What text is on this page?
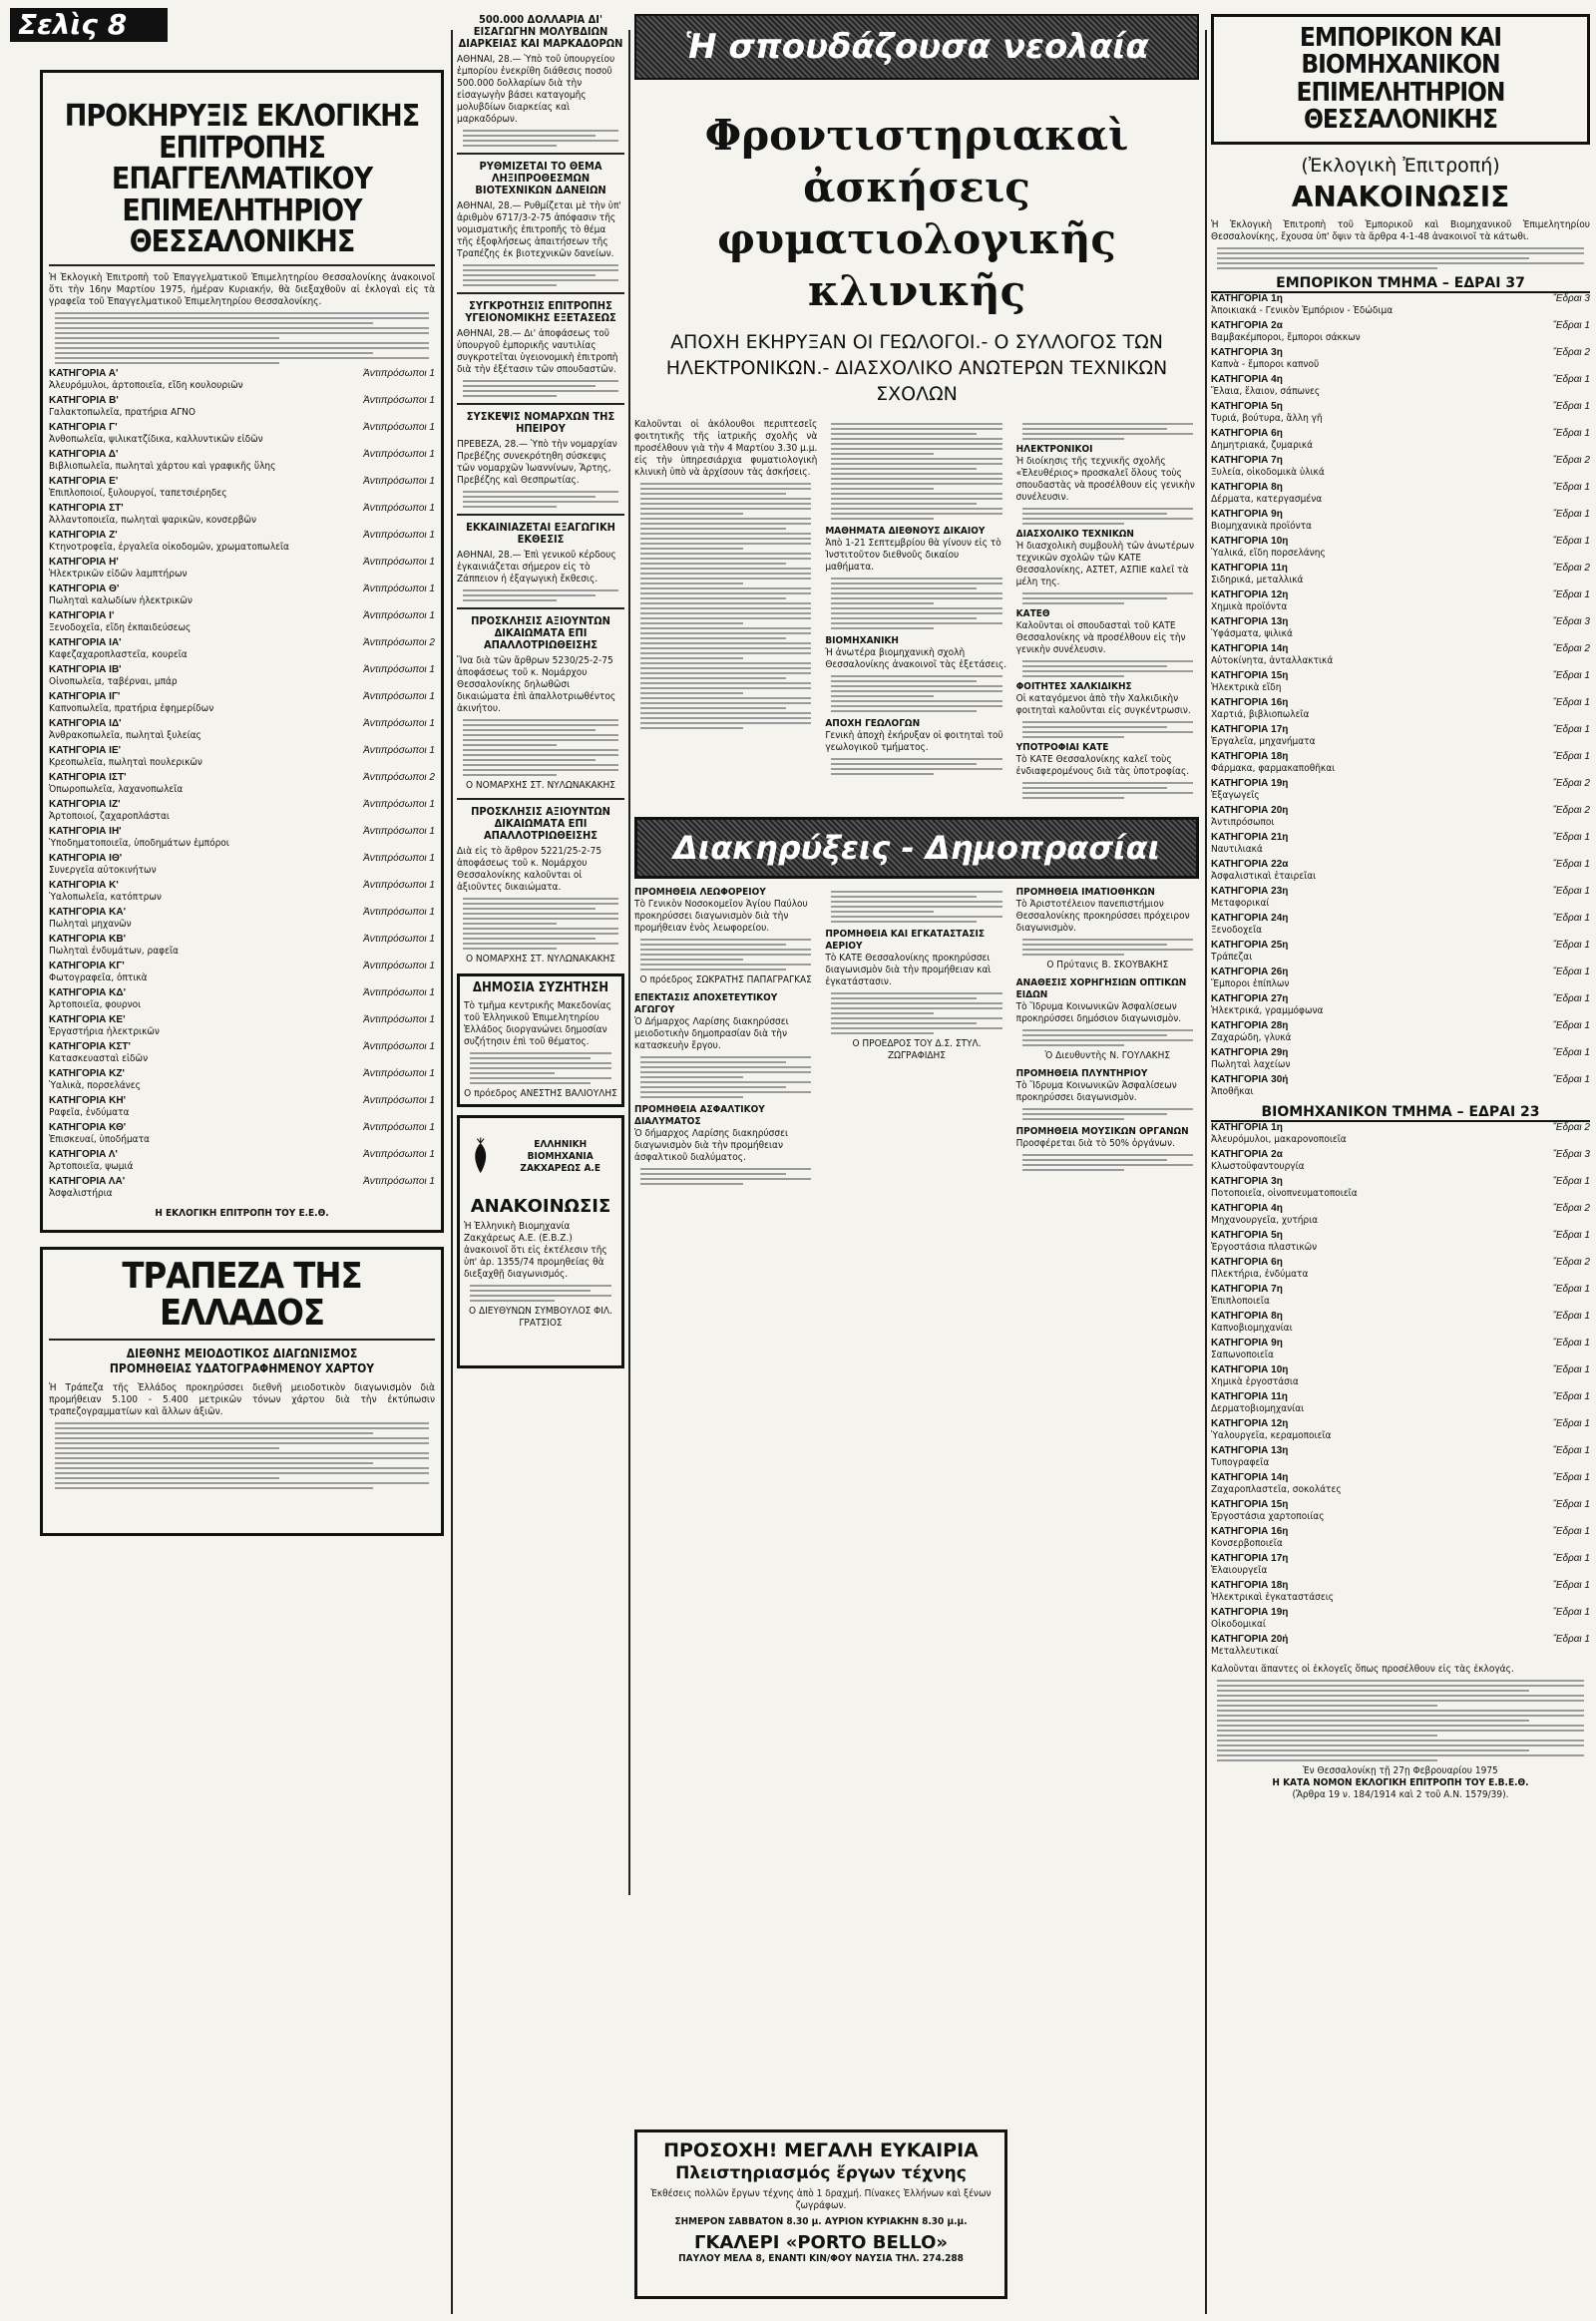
Σελὶς 8
ΠΡΟΚΗΡΥΞΙΣ ΕΚΛΟΓΙΚΗΣ ΕΠΙΤΡΟΠΗΣ ΕΠΑΓΓΕΛΜΑΤΙΚΟΥ ΕΠΙΜΕΛΗΤΗΡΙΟΥ ΘΕΣΣΑΛΟΝΙΚΗΣ

Ἡ Ἐκλογικὴ Ἐπιτροπὴ τοῦ Ἐπαγγελματικοῦ Ἐπιμελητηρίου Θεσσαλονίκης ἀνακοινοῖ ὅτι τὴν 16ην Μαρτίου 1975, ἡμέραν Κυριακήν, θὰ διεξαχθοῦν αἱ ἐκλογαὶ εἰς τὰ γραφεῖα τοῦ Ἐπαγγελματικοῦ Ἐπιμελητηρίου Θεσσαλονίκης.

ΚΑΤΗΓΟΡΙΑ Α'	Ἀντιπρόσωποι 1
Ἀλευρόμυλοι, ἀρτοποιεῖα, εἴδη κουλουριῶν
ΚΑΤΗΓΟΡΙΑ Β'	Ἀντιπρόσωποι 1
Γαλακτοπωλεῖα, πρατήρια ΑΓΝΟ
ΚΑΤΗΓΟΡΙΑ Γ'	Ἀντιπρόσωποι 1
Ἀνθοπωλεῖα, ψιλικατζίδικα, καλλυντικῶν εἰδῶν
ΚΑΤΗΓΟΡΙΑ Δ'	Ἀντιπρόσωποι 1
Βιβλιοπωλεῖα, πωληταὶ χάρτου καὶ γραφικῆς ὕλης
ΚΑΤΗΓΟΡΙΑ Ε'	Ἀντιπρόσωποι 1
Ἐπιπλοποιοί, ξυλουργοί, ταπετσιέρηδες
ΚΑΤΗΓΟΡΙΑ ΣΤ'	Ἀντιπρόσωποι 1
Ἀλλαντοποιεῖα, πωληταὶ ψαρικῶν, κονσερβῶν
ΚΑΤΗΓΟΡΙΑ Ζ'	Ἀντιπρόσωποι 1
Κτηνοτροφεῖα, ἐργαλεῖα οἰκοδομῶν, χρωματοπωλεῖα
ΚΑΤΗΓΟΡΙΑ Η'	Ἀντιπρόσωποι 1
Ἠλεκτρικῶν εἰδῶν λαμπτήρων
ΚΑΤΗΓΟΡΙΑ Θ'	Ἀντιπρόσωποι 1
Πωληταὶ καλωδίων ἠλεκτρικῶν
ΚΑΤΗΓΟΡΙΑ Ι'	Ἀντιπρόσωποι 1
Ξενοδοχεῖα, εἴδη ἐκπαιδεύσεως
ΚΑΤΗΓΟΡΙΑ ΙΑ'	Ἀντιπρόσωποι 2
Καφεζαχαροπλαστεῖα, κουρεῖα
ΚΑΤΗΓΟΡΙΑ ΙΒ'	Ἀντιπρόσωποι 1
Οἰνοπωλεῖα, ταβέρναι, μπάρ
ΚΑΤΗΓΟΡΙΑ ΙΓ'	Ἀντιπρόσωποι 1
Καπνοπωλεῖα, πρατήρια ἐφημερίδων
ΚΑΤΗΓΟΡΙΑ ΙΔ'	Ἀντιπρόσωποι 1
Ἀνθρακοπωλεῖα, πωληταὶ ξυλείας
ΚΑΤΗΓΟΡΙΑ ΙΕ'	Ἀντιπρόσωποι 1
Κρεοπωλεῖα, πωληταὶ πουλερικῶν
ΚΑΤΗΓΟΡΙΑ ΙΣΤ'	Ἀντιπρόσωποι 2
Ὀπωροπωλεῖα, λαχανοπωλεῖα
ΚΑΤΗΓΟΡΙΑ ΙΖ'	Ἀντιπρόσωποι 1
Ἀρτοποιοί, ζαχαροπλάσται
ΚΑΤΗΓΟΡΙΑ ΙΗ'	Ἀντιπρόσωποι 1
Ὑποδηματοποιεῖα, ὑποδημάτων ἐμπόροι
ΚΑΤΗΓΟΡΙΑ ΙΘ'	Ἀντιπρόσωποι 1
Συνεργεῖα αὐτοκινήτων
ΚΑΤΗΓΟΡΙΑ Κ'	Ἀντιπρόσωποι 1
Ὑαλοπωλεῖα, κατόπτρων
ΚΑΤΗΓΟΡΙΑ ΚΑ'	Ἀντιπρόσωποι 1
Πωληταὶ μηχανῶν
ΚΑΤΗΓΟΡΙΑ ΚΒ'	Ἀντιπρόσωποι 1
Πωληταὶ ἐνδυμάτων, ραφεῖα
ΚΑΤΗΓΟΡΙΑ ΚΓ'	Ἀντιπρόσωποι 1
Φωτογραφεῖα, ὀπτικὰ
ΚΑΤΗΓΟΡΙΑ ΚΔ'	Ἀντιπρόσωποι 1
Ἀρτοποιεῖα, φουρνοι
ΚΑΤΗΓΟΡΙΑ ΚΕ'	Ἀντιπρόσωποι 1
Ἐργαστήρια ἠλεκτρικῶν
ΚΑΤΗΓΟΡΙΑ ΚΣΤ'	Ἀντιπρόσωποι 1
Κατασκευασταὶ εἰδῶν
ΚΑΤΗΓΟΡΙΑ ΚΖ'	Ἀντιπρόσωποι 1
Ὑαλικὰ, πορσελάνες
ΚΑΤΗΓΟΡΙΑ ΚΗ'	Ἀντιπρόσωποι 1
Ραφεῖα, ἐνδύματα
ΚΑΤΗΓΟΡΙΑ ΚΘ'	Ἀντιπρόσωποι 1
Ἐπισκευαί, ὑποδήματα
ΚΑΤΗΓΟΡΙΑ Λ'	Ἀντιπρόσωποι 1
Ἀρτοποιεῖα, ψωμιά
ΚΑΤΗΓΟΡΙΑ ΛΑ'	Ἀντιπρόσωποι 1
Ἀσφαλιστήρια

Η ΕΚΛΟΓΙΚΗ ΕΠΙΤΡΟΠΗ ΤΟΥ Ε.Ε.Θ.

ΤΡΑΠΕΖΑ ΤΗΣ ΕΛΛΑΔΟΣ

ΔΙΕΘΝΗΣ ΜΕΙΟΔΟΤΙΚΟΣ ΔΙΑΓΩΝΙΣΜΟΣ

ΠΡΟΜΗΘΕΙΑΣ ΥΔΑΤΟΓΡΑΦΗΜΕΝΟΥ ΧΑΡΤΟΥ

Ἡ Τράπεζα τῆς Ἑλλάδος προκηρύσσει διεθνῆ μειοδοτικὸν διαγωνισμὸν διὰ προμήθειαν 5.100 - 5.400 μετρικῶν τόνων χάρτου διὰ τὴν ἐκτύπωσιν τραπεζογραμματίων καὶ ἄλλων ἀξιῶν.

500.000 ΔΟΛΛΑΡΙΑ ΔΙ' ΕΙΣΑΓΩΓΗΝ ΜΟΛΥΒΔΙΩΝ ΔΙΑΡΚΕΙΑΣ ΚΑΙ ΜΑΡΚΑΔΟΡΩΝ

ΑΘΗΝΑΙ, 28.— Ὑπὸ τοῦ ὑπουργείου ἐμπορίου ἐνεκρίθη διάθεσις ποσοῦ 500.000 δολλαρίων διὰ τὴν εἰσαγωγὴν βάσει καταγομῆς μολυβδίων διαρκείας καὶ μαρκαδόρων.

ΡΥΘΜΙΖΕΤΑΙ ΤΟ ΘΕΜΑ ΛΗΞΙΠΡΟΘΕΣΜΩΝ ΒΙΟΤΕΧΝΙΚΩΝ ΔΑΝΕΙΩΝ

ΑΘΗΝΑΙ, 28.— Ρυθμίζεται μὲ τὴν ὑπ' ἀριθμὸν 6717/3-2-75 ἀπόφασιν τῆς νομισματικῆς ἐπιτροπῆς τὸ θέμα τῆς ἐξοφλήσεως ἀπαιτήσεων τῆς Τραπέζης ἐκ βιοτεχνικῶν δανείων.

ΣΥΓΚΡΟΤΗΣΙΣ ΕΠΙΤΡΟΠΗΣ ΥΓΕΙΟΝΟΜΙΚΗΣ ΕΞΕΤΑΣΕΩΣ

ΑΘΗΝΑΙ, 28.— Δι' ἀποφάσεως τοῦ ὑπουργοῦ ἐμπορικῆς ναυτιλίας συγκροτεῖται ὑγειονομικὴ ἐπιτροπὴ διὰ τὴν ἐξέτασιν τῶν σπουδαστῶν.

ΣΥΣΚΕΨΙΣ ΝΟΜΑΡΧΩΝ ΤΗΣ ΗΠΕΙΡΟΥ

ΠΡΕΒΕΖΑ, 28.— Ὑπὸ τὴν νομαρχίαν Πρεβέζης συνεκρότηθη σύσκεψις τῶν νομαρχῶν Ἰωαννίνων, Ἄρτης, Πρεβέζης καὶ Θεσπρωτίας.

ΕΚΚΑΙΝΙΑΖΕΤΑΙ ΕΞΑΓΩΓΙΚΗ ΕΚΘΕΣΙΣ

ΑΘΗΝΑΙ, 28.— Ἐπὶ γενικοῦ κέρδους ἐγκαινιάζεται σήμερον εἰς τὸ Ζάππειον ἡ ἐξαγωγικὴ ἔκθεσις.

ΠΡΟΣΚΛΗΣΙΣ ΑΞΙΟΥΝΤΩΝ ΔΙΚΑΙΩΜΑΤΑ ΕΠΙ ΑΠΑΛΛΟΤΡΙΩΘΕΙΣΗΣ

Ἵνα διὰ τῶν ἄρθρων 5230/25-2-75 ἀποφάσεως τοῦ κ. Νομάρχου Θεσσαλονίκης δηλωθῶσι δικαιώματα ἐπὶ ἀπαλλοτριωθέντος ἀκινήτου.

Ο ΝΟΜΑΡΧΗΣ ΣΤ. ΝΥΛΩΝΑΚΑΚΗΣ

ΠΡΟΣΚΛΗΣΙΣ ΑΞΙΟΥΝΤΩΝ ΔΙΚΑΙΩΜΑΤΑ ΕΠΙ ΑΠΑΛΛΟΤΡΙΩΘΕΙΣΗΣ

Διὰ εἰς τὸ ἄρθρον 5221/25-2-75 ἀποφάσεως τοῦ κ. Νομάρχου Θεσσαλονίκης καλοῦνται οἱ ἀξιοῦντες δικαιώματα.

Ο ΝΟΜΑΡΧΗΣ ΣΤ. ΝΥΛΩΝΑΚΑΚΗΣ

ΔΗΜΟΣΙΑ ΣΥΖΗΤΗΣΗ

Τὸ τμῆμα κεντρικῆς Μακεδονίας τοῦ Ἑλληνικοῦ Ἐπιμελητηρίου Ἑλλάδος διοργανώνει δημοσίαν συζήτησιν ἐπὶ τοῦ θέματος.

Ο πρόεδρος ΑΝΕΣΤΗΣ ΒΑΛΙΟΥΛΗΣ

ΕΛΛΗΝΙΚΗ ΒΙΟΜΗΧΑΝΙΑ ΖΑΚΧΑΡΕΩΣ Α.Ε

ΑΝΑΚΟΙΝΩΣΙΣ

Ἡ Ἑλληνικὴ Βιομηχανία Ζακχάρεως Α.Ε. (Ε.Β.Ζ.) ἀνακοινοῖ ὅτι εἰς ἐκτέλεσιν τῆς ὑπ' ἀρ. 1355/74 προμηθείας θὰ διεξαχθῇ διαγωνισμός.

Ο ΔΙΕΥΘΥΝΩΝ ΣΥΜΒΟΥΛΟΣ ΦΙΛ. ΓΡΑΤΣΙΟΣ

Ἡ σπουδάζουσα νεολαία
Φροντιστηριακαὶ ἀσκήσεις
φυματιολογικῆς κλινικῆς
ΑΠΟΧΗ ΕΚΗΡΥΞΑΝ ΟΙ ΓΕΩΛΟΓΟΙ.- Ο ΣΥΛΛΟΓΟΣ ΤΩΝ ΗΛΕΚΤΡΟΝΙΚΩΝ.- ΔΙΑΣΧΟΛΙΚΟ ΑΝΩΤΕΡΩΝ ΤΕΧΝΙΚΩΝ ΣΧΟΛΩΝ

Καλοῦνται οἱ ἀκόλουθοι περιπτεσεῖς φοιτητικῆς τῆς ἰατρικῆς σχολῆς νὰ προσέλθουν γιὰ τὴν 4 Μαρτίου 3.30 μ.μ. εἰς τὴν ὑπηρεσιάρχια φυματιολογικὴ κλινικὴ ὑπὸ νὰ ἀρχίσουν τὰς ἀσκήσεις.

ΜΑΘΗΜΑΤΑ ΔΙΕΘΝΟΥΣ ΔΙΚΑΙΟΥ

Ἀπὸ 1-21 Σεπτεμβρίου θὰ γίνουν εἰς τὸ Ἰνστιτοῦτον διεθνοῦς δικαίου μαθήματα.

ΒΙΟΜΗΧΑΝΙΚΗ

Ἡ ἀνωτέρα βιομηχανικὴ σχολὴ Θεσσαλονίκης ἀνακοινοῖ τὰς ἐξετάσεις.

ΑΠΟΧΗ ΓΕΩΛΟΓΩΝ

Γενικὴ ἀποχὴ ἐκήρυξαν οἱ φοιτηταὶ τοῦ γεωλογικοῦ τμήματος.

ΗΛΕΚΤΡΟΝΙΚΟΙ

Ἡ διοίκησις τῆς τεχνικῆς σχολῆς «Ἐλευθέριος» προσκαλεῖ ὅλους τοὺς σπουδαστὰς νὰ προσέλθουν εἰς γενικὴν συνέλευσιν.

ΔΙΑΣΧΟΛΙΚΟ ΤΕΧΝΙΚΩΝ

Ἡ διασχολικὴ συμβουλὴ τῶν ἀνωτέρων τεχνικῶν σχολῶν τῶν ΚΑΤΕ Θεσσαλονίκης, ΑΣΤΕΤ, ΑΣΠΙΕ καλεῖ τὰ μέλη της.

ΚΑΤΕΘ

Καλοῦνται οἱ σπουδασταὶ τοῦ ΚΑΤΕ Θεσσαλονίκης νὰ προσέλθουν εἰς τὴν γενικὴν συνέλευσιν.

ΦΟΙΤΗΤΕΣ ΧΑΛΚΙΔΙΚΗΣ

Οἱ καταγόμενοι ἀπὸ τὴν Χαλκιδικὴν φοιτηταὶ καλοῦνται εἰς συγκέντρωσιν.

ΥΠΟΤΡΟΦΙΑΙ ΚΑΤΕ

Τὸ ΚΑΤΕ Θεσσαλονίκης καλεῖ τοὺς ἐνδιαφερομένους διὰ τὰς ὑποτροφίας.

Διακηρύξεις - Δημοπρασίαι

ΠΡΟΜΗΘΕΙΑ ΛΕΩΦΟΡΕΙΟΥ

Τὸ Γενικὸν Νοσοκομεῖον Ἀγίου Παύλου προκηρύσσει διαγωνισμὸν διὰ τὴν προμήθειαν ἑνὸς λεωφορείου.

Ο πρόεδρος ΣΩΚΡΑΤΗΣ ΠΑΠΑΓΡΑΓΚΑΣ

ΕΠΕΚΤΑΣΙΣ ΑΠΟΧΕΤΕΥΤΙΚΟΥ ΑΓΩΓΟΥ

Ὁ Δήμαρχος Λαρίσης διακηρύσσει μειοδοτικὴν δημοπρασίαν διὰ τὴν κατασκευὴν ἔργου.

ΠΡΟΜΗΘΕΙΑ ΑΣΦΑΛΤΙΚΟΥ ΔΙΑΛΥΜΑΤΟΣ

Ὁ δήμαρχος Λαρίσης διακηρύσσει διαγωνισμὸν διὰ τὴν προμήθειαν ἀσφαλτικοῦ διαλύματος.

ΠΡΟΜΗΘΕΙΑ ΚΑΙ ΕΓΚΑΤΑΣΤΑΣΙΣ ΑΕΡΙΟΥ

Τὸ ΚΑΤΕ Θεσσαλονίκης προκηρύσσει διαγωνισμὸν διὰ τὴν προμήθειαν καὶ ἐγκατάστασιν.

Ο ΠΡΟΕΔΡΟΣ ΤΟΥ Δ.Σ. ΣΤΥΛ. ΖΩΓΡΑΦΙΔΗΣ

ΠΡΟΜΗΘΕΙΑ ΙΜΑΤΙΟΘΗΚΩΝ

Τὸ Ἀριστοτέλειον πανεπιστήμιον Θεσσαλονίκης προκηρύσσει πρόχειρον διαγωνισμὸν.

Ο Πρύτανις Β. ΣΚΟΥΒΑΚΗΣ

ΑΝΑΘΕΣΙΣ ΧΟΡΗΓΗΣΙΩΝ ΟΠΤΙΚΩΝ ΕΙΔΩΝ

Τὸ Ἵδρυμα Κοινωνικῶν Ἀσφαλίσεων προκηρύσσει δημόσιον διαγωνισμὸν.

Ὁ Διευθυντὴς Ν. ΓΟΥΛΑΚΗΣ

ΠΡΟΜΗΘΕΙΑ ΠΛΥΝΤΗΡΙΟΥ

Τὸ Ἵδρυμα Κοινωνικῶν Ἀσφαλίσεων προκηρύσσει διαγωνισμὸν.

ΠΡΟΜΗΘΕΙΑ ΜΟΥΣΙΚΩΝ ΟΡΓΑΝΩΝ

Προσφέρεται διὰ τὸ 50% ὀργάνων.

ΠΡΟΣΟΧΗ! ΜΕΓΑΛΗ ΕΥΚΑΙΡΙΑ

Πλειστηριασμός ἔργων τέχνης

Ἐκθέσεις πολλῶν ἔργων τέχνης ἀπὸ 1 δραχμή. Πίνακες Ἑλλήνων καὶ ξένων ζωγράφων.

ΣΗΜΕΡΟΝ ΣΑΒΒΑΤΟΝ 8.30 μ. ΑΥΡΙΟΝ ΚΥΡΙΑΚΗΝ 8.30 μ.μ.

ΓΚΑΛΕΡΙ «PORTO BELLO»

ΠΑΥΛΟΥ ΜΕΛΑ 8, ΕΝΑΝΤΙ ΚΙΝ/ΦΟΥ ΝΑΥΣΙΑ ΤΗΛ. 274.288

ΕΜΠΟΡΙΚΟΝ ΚΑΙ ΒΙΟΜΗΧΑΝΙΚΟΝ ΕΠΙΜΕΛΗΤΗΡΙΟΝ ΘΕΣΣΑΛΟΝΙΚΗΣ

(Ἐκλογικὴ Ἐπιτροπή)

ΑΝΑΚΟΙΝΩΣΙΣ

Ἡ Ἐκλογικὴ Ἐπιτροπὴ τοῦ Ἐμπορικοῦ καὶ Βιομηχανικοῦ Ἐπιμελητηρίου Θεσσαλονίκης, ἔχουσα ὑπ' ὄψιν τὰ ἄρθρα 4-1-48 ἀνακοινοῖ τὰ κάτωθι.

ΕΜΠΟΡΙΚΟΝ ΤΜΗΜΑ – ΕΔΡΑΙ 37

ΚΑΤΗΓΟΡΙΑ 1η	Ἕδραι 3
Ἀποικιακά - Γενικὸν Ἐμπόριον - Ἐδώδιμα
ΚΑΤΗΓΟΡΙΑ 2α	Ἕδραι 1
Βαμβακέμποροι, ἔμποροι σάκκων
ΚΑΤΗΓΟΡΙΑ 3η	Ἕδραι 2
Καπνὰ - ἔμποροι καπνοῦ
ΚΑΤΗΓΟΡΙΑ 4η	Ἕδραι 1
Ἔλαια, ἔλαιον, σάπωνες
ΚΑΤΗΓΟΡΙΑ 5η	Ἕδραι 1
Τυριά, βούτυρα, ἄλλη γῆ
ΚΑΤΗΓΟΡΙΑ 6η	Ἕδραι 1
Δημητριακά, ζυμαρικά
ΚΑΤΗΓΟΡΙΑ 7η	Ἕδραι 2
Ξυλεία, οἰκοδομικὰ ὑλικά
ΚΑΤΗΓΟΡΙΑ 8η	Ἕδραι 1
Δέρματα, κατεργασμένα
ΚΑΤΗΓΟΡΙΑ 9η	Ἕδραι 1
Βιομηχανικὰ προϊόντα
ΚΑΤΗΓΟΡΙΑ 10η	Ἕδραι 1
Ὑαλικά, εἴδη πορσελάνης
ΚΑΤΗΓΟΡΙΑ 11η	Ἕδραι 2
Σιδηρικά, μεταλλικά
ΚΑΤΗΓΟΡΙΑ 12η	Ἕδραι 1
Χημικὰ προϊόντα
ΚΑΤΗΓΟΡΙΑ 13η	Ἕδραι 3
Ὑφάσματα, ψιλικά
ΚΑΤΗΓΟΡΙΑ 14η	Ἕδραι 2
Αὐτοκίνητα, ἀνταλλακτικά
ΚΑΤΗΓΟΡΙΑ 15η	Ἕδραι 1
Ἠλεκτρικὰ εἴδη
ΚΑΤΗΓΟΡΙΑ 16η	Ἕδραι 1
Χαρτιά, βιβλιοπωλεῖα
ΚΑΤΗΓΟΡΙΑ 17η	Ἕδραι 1
Ἐργαλεῖα, μηχανήματα
ΚΑΤΗΓΟΡΙΑ 18η	Ἕδραι 1
Φάρμακα, φαρμακαποθῆκαι
ΚΑΤΗΓΟΡΙΑ 19η	Ἕδραι 2
Ἐξαγωγεῖς
ΚΑΤΗΓΟΡΙΑ 20η	Ἕδραι 2
Ἀντιπρόσωποι
ΚΑΤΗΓΟΡΙΑ 21η	Ἕδραι 1
Ναυτιλιακά
ΚΑΤΗΓΟΡΙΑ 22α	Ἕδραι 1
Ἀσφαλιστικαὶ ἑταιρεῖαι
ΚΑΤΗΓΟΡΙΑ 23η	Ἕδραι 1
Μεταφορικαί
ΚΑΤΗΓΟΡΙΑ 24η	Ἕδραι 1
Ξενοδοχεῖα
ΚΑΤΗΓΟΡΙΑ 25η	Ἕδραι 1
Τράπεζαι
ΚΑΤΗΓΟΡΙΑ 26η	Ἕδραι 1
Ἔμποροι ἐπίπλων
ΚΑΤΗΓΟΡΙΑ 27η	Ἕδραι 1
Ἠλεκτρικά, γραμμόφωνα
ΚΑΤΗΓΟΡΙΑ 28η	Ἕδραι 1
Ζαχαρώδη, γλυκά
ΚΑΤΗΓΟΡΙΑ 29η	Ἕδραι 1
Πωληταὶ λαχείων
ΚΑΤΗΓΟΡΙΑ 30ή	Ἕδραι 1
Ἀποθῆκαι

ΒΙΟΜΗΧΑΝΙΚΟΝ ΤΜΗΜΑ – ΕΔΡΑΙ 23

ΚΑΤΗΓΟΡΙΑ 1η	Ἕδραι 2
Ἀλευρόμυλοι, μακαρονοποιεῖα
ΚΑΤΗΓΟΡΙΑ 2α	Ἕδραι 3
Κλωστοϋφαντουργία
ΚΑΤΗΓΟΡΙΑ 3η	Ἕδραι 1
Ποτοποιεῖα, οἰνοπνευματοποιεῖα
ΚΑΤΗΓΟΡΙΑ 4η	Ἕδραι 2
Μηχανουργεῖα, χυτήρια
ΚΑΤΗΓΟΡΙΑ 5η	Ἕδραι 1
Ἐργοστάσια πλαστικῶν
ΚΑΤΗΓΟΡΙΑ 6η	Ἕδραι 2
Πλεκτήρια, ἐνδύματα
ΚΑΤΗΓΟΡΙΑ 7η	Ἕδραι 1
Ἐπιπλοποιεῖα
ΚΑΤΗΓΟΡΙΑ 8η	Ἕδραι 1
Καπνοβιομηχανίαι
ΚΑΤΗΓΟΡΙΑ 9η	Ἕδραι 1
Σαπωνοποιεῖα
ΚΑΤΗΓΟΡΙΑ 10η	Ἕδραι 1
Χημικὰ ἐργοστάσια
ΚΑΤΗΓΟΡΙΑ 11η	Ἕδραι 1
Δερματοβιομηχανίαι
ΚΑΤΗΓΟΡΙΑ 12η	Ἕδραι 1
Ὑαλουργεῖα, κεραμοποιεῖα
ΚΑΤΗΓΟΡΙΑ 13η	Ἕδραι 1
Τυπογραφεῖα
ΚΑΤΗΓΟΡΙΑ 14η	Ἕδραι 1
Ζαχαροπλαστεῖα, σοκολάτες
ΚΑΤΗΓΟΡΙΑ 15η	Ἕδραι 1
Ἐργοστάσια χαρτοποιίας
ΚΑΤΗΓΟΡΙΑ 16η	Ἕδραι 1
Κονσερβοποιεῖα
ΚΑΤΗΓΟΡΙΑ 17η	Ἕδραι 1
Ἐλαιουργεῖα
ΚΑΤΗΓΟΡΙΑ 18η	Ἕδραι 1
Ἠλεκτρικαὶ ἐγκαταστάσεις
ΚΑΤΗΓΟΡΙΑ 19η	Ἕδραι 1
Οἰκοδομικαί
ΚΑΤΗΓΟΡΙΑ 20ή	Ἕδραι 1
Μεταλλευτικαί

Καλοῦνται ἅπαντες οἱ ἐκλογεῖς ὅπως προσέλθουν εἰς τὰς ἐκλογάς.

Ἐν Θεσσαλονίκῃ τῇ 27ῃ Φεβρουαρίου 1975

Η ΚΑΤΑ ΝΟΜΟΝ ΕΚΛΟΓΙΚΗ ΕΠΙΤΡΟΠΗ ΤΟΥ Ε.Β.Ε.Θ.

(Ἄρθρα 19 ν. 184/1914 καὶ 2 τοῦ Α.Ν. 1579/39).
